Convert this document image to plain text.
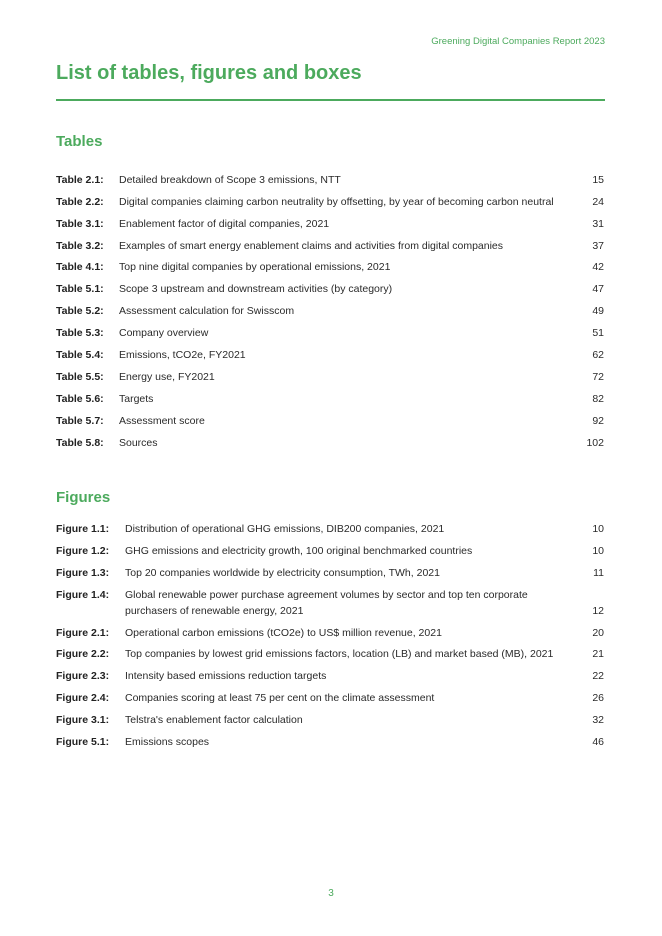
Greening Digital Companies Report 2023
List of tables, figures and boxes
Tables
Table 2.1:	Detailed breakdown of Scope 3 emissions, NTT	15
Table 2.2:	Digital companies claiming carbon neutrality by offsetting, by year of becoming carbon neutral	24
Table 3.1:	Enablement factor of digital companies, 2021	31
Table 3.2:	Examples of smart energy enablement claims and activities from digital companies	37
Table 4.1:	Top nine digital companies by operational emissions, 2021	42
Table 5.1:	Scope 3 upstream and downstream activities (by category)	47
Table 5.2:	Assessment calculation for Swisscom	49
Table 5.3:	Company overview	51
Table 5.4:	Emissions, tCO2e, FY2021	62
Table 5.5:	Energy use, FY2021	72
Table 5.6:	Targets	82
Table 5.7:	Assessment score	92
Table 5.8:	Sources	102
Figures
Figure 1.1:	Distribution of operational GHG emissions, DIB200 companies, 2021	10
Figure 1.2:	GHG emissions and electricity growth, 100 original benchmarked countries	10
Figure 1.3:	Top 20 companies worldwide by electricity consumption, TWh, 2021	11
Figure 1.4:	Global renewable power purchase agreement volumes by sector and top ten corporate purchasers of renewable energy, 2021	12
Figure 2.1:	Operational carbon emissions (tCO2e) to US$ million revenue, 2021	20
Figure 2.2:	Top companies by lowest grid emissions factors, location (LB) and market based (MB), 2021	21
Figure 2.3:	Intensity based emissions reduction targets	22
Figure 2.4:	Companies scoring at least 75 per cent on the climate assessment	26
Figure 3.1:	Telstra's enablement factor calculation	32
Figure 5.1:	Emissions scopes	46
3
